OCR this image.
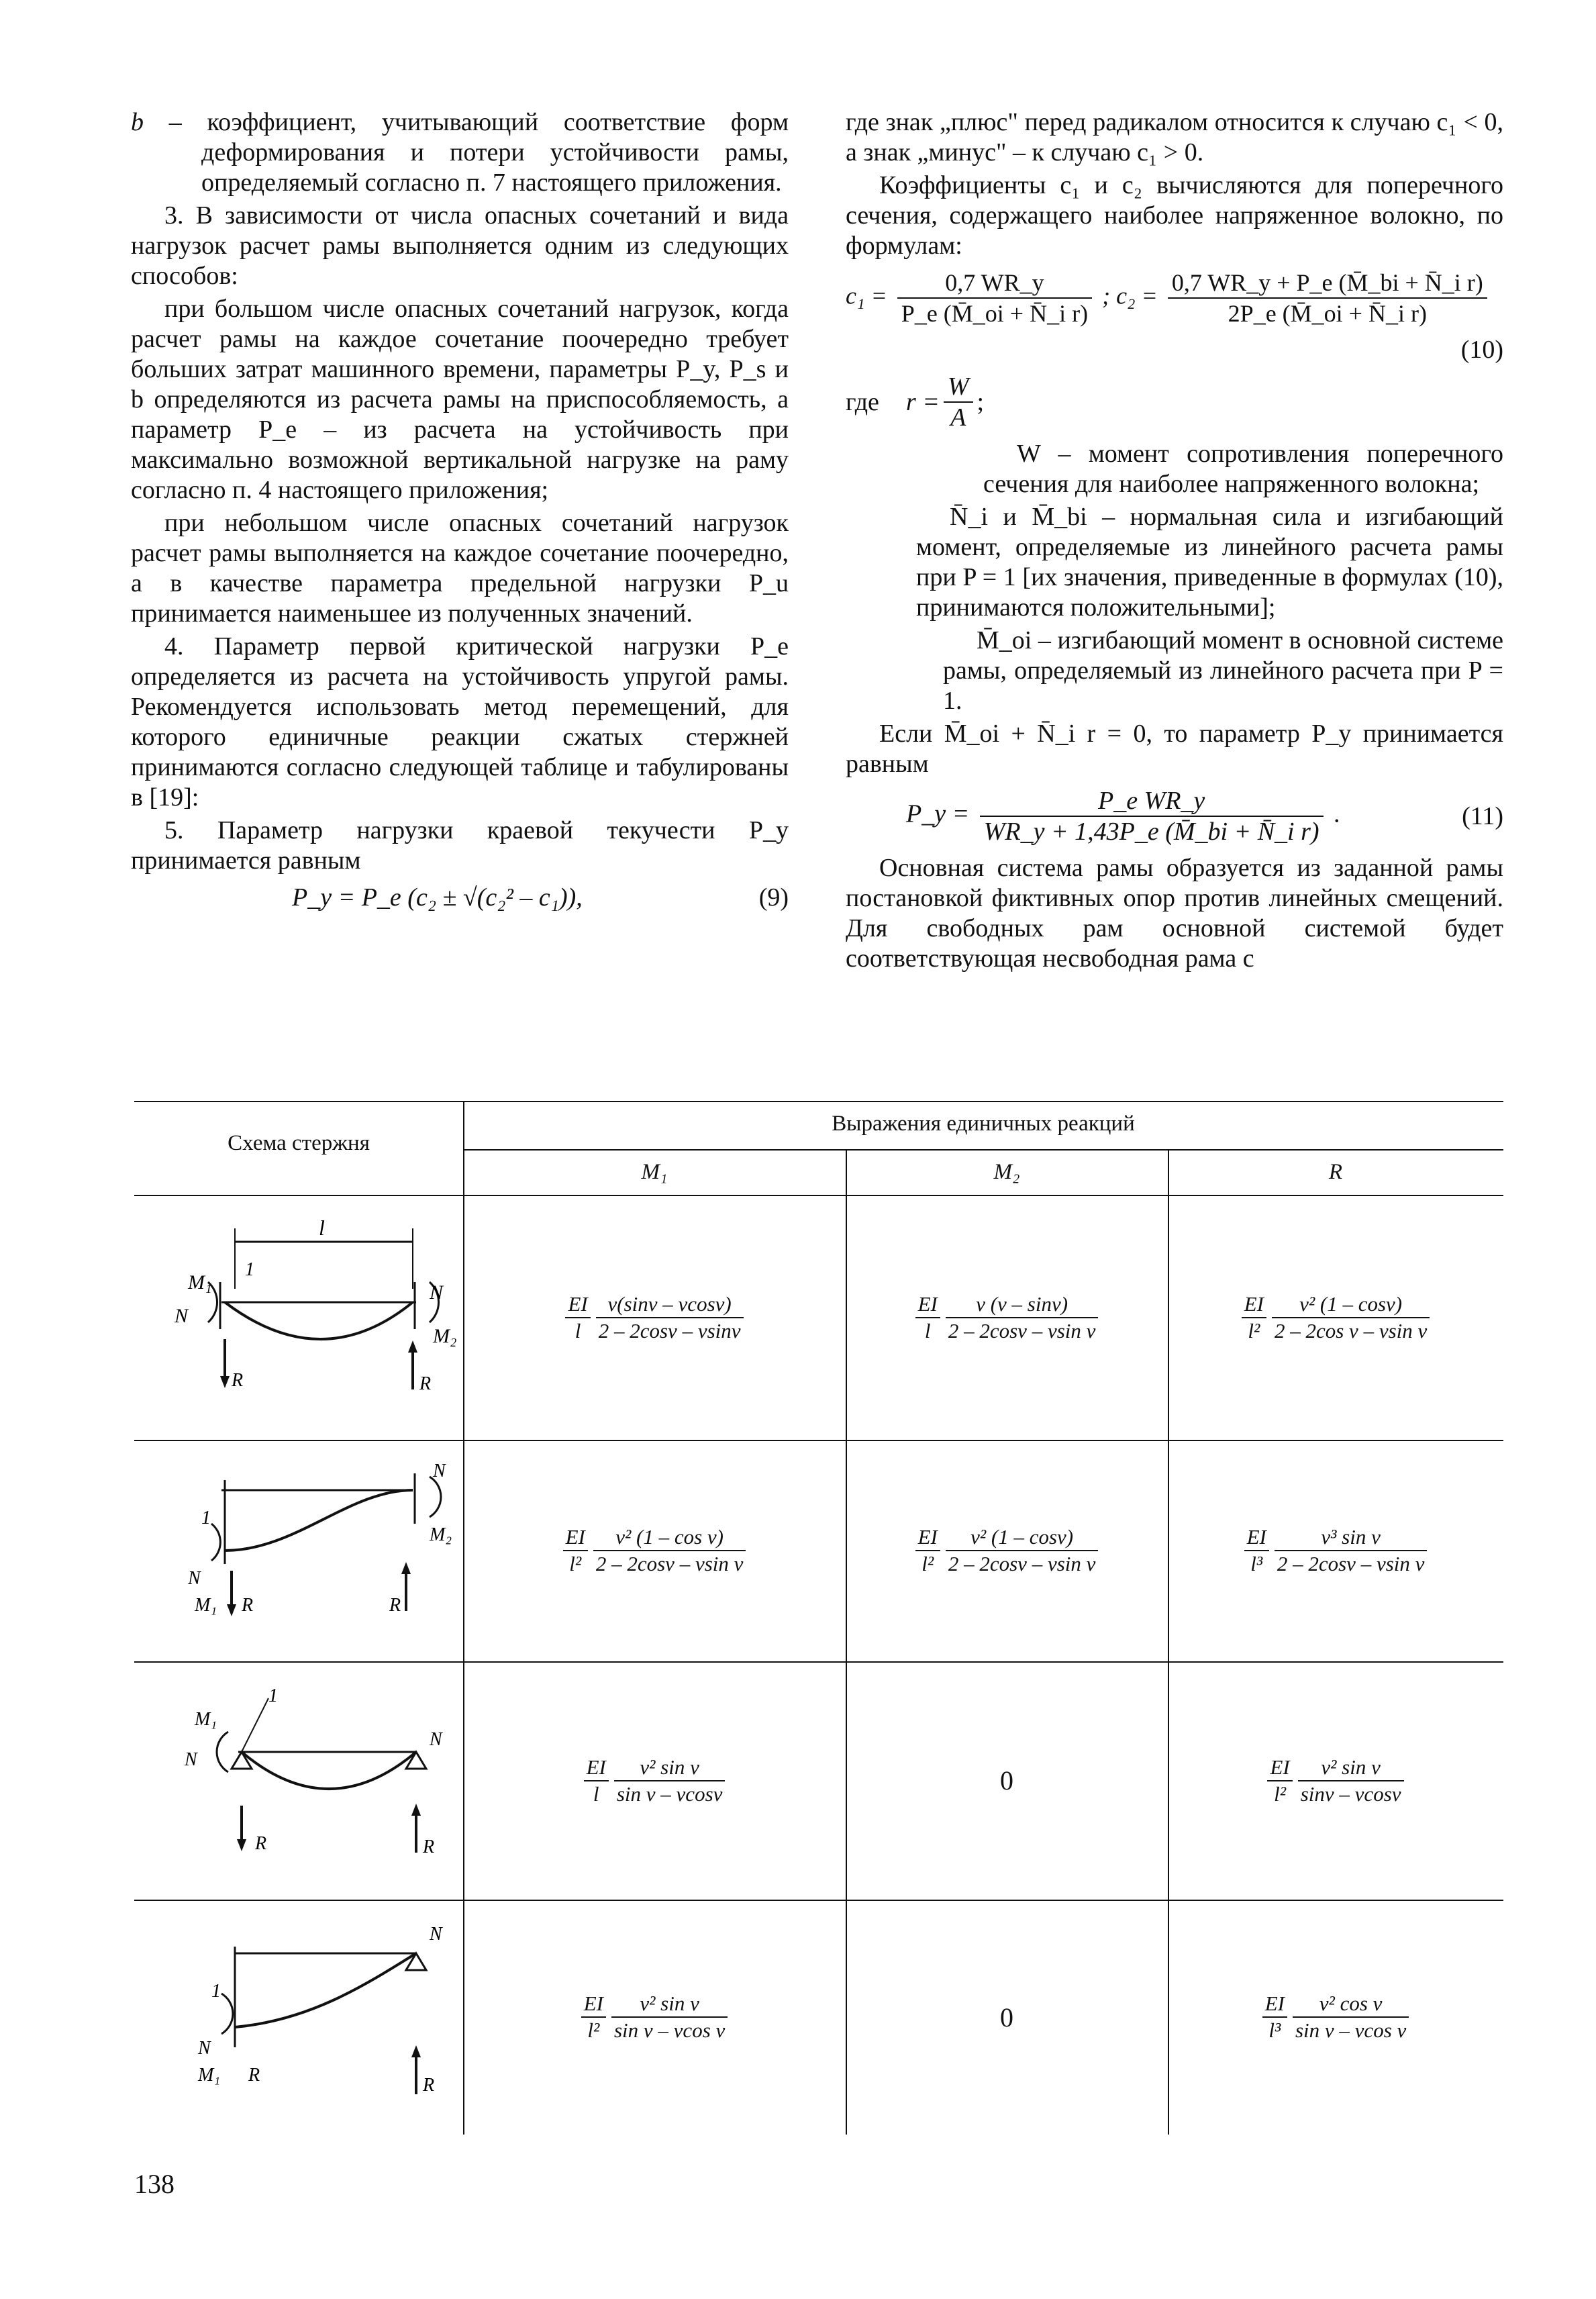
b – коэффициент, учитывающий соответствие форм деформирования и потери устойчивости рамы, определяемый согласно п. 7 настоящего приложения.

3. В зависимости от числа опасных сочетаний и вида нагрузок расчет рамы выполняется одним из следующих способов:

при большом числе опасных сочетаний нагрузок, когда расчет рамы на каждое сочетание поочередно требует больших затрат машинного времени, параметры P_y, P_s и b определяются из расчета рамы на приспособляемость, а параметр P_e – из расчета на устойчивость при максимально возможной вертикальной нагрузке на раму согласно п. 4 настоящего приложения;

при небольшом числе опасных сочетаний нагрузок расчет рамы выполняется на каждое сочетание поочередно, а в качестве параметра предельной нагрузки P_u принимается наименьшее из полученных значений.

4. Параметр первой критической нагрузки P_e определяется из расчета на устойчивость упругой рамы. Рекомендуется использовать метод перемещений, для которого единичные реакции сжатых стержней принимаются согласно следующей таблице и табулированы в [19]:

5. Параметр нагрузки краевой текучести P_y принимается равным

P_y = P_e (c₂ ± √(c₂² – c₁)),	(9)

где знак „плюс" перед радикалом относится к случаю c₁ < 0, а знак „минус" – к случаю c₁ > 0.

Коэффициенты c₁ и c₂ вычисляются для поперечного сечения, содержащего наиболее напряженное волокно, по формулам:

$c_1 = \frac{0,7 WR\_y}{\text{P\_e (M̄\_oi + N̄\_i r)}}$ ; $c_2 = \frac{\text{0,7 WR\_y + P\_e (M̄\_bi + N̄\_i r)}}{\text{2P\_e (M̄\_oi + N̄\_i r)}}$
(10)
где $r = \frac{W}{A}$ ;

W – момент сопротивления поперечного сечения для наиболее напряженного волокна;

N̄_i и M̄_bi – нормальная сила и изгибающий момент, определяемые из линейного расчета рамы при P = 1 [их значения, приведенные в формулах (10), принимаются положительными];

M̄_oi – изгибающий момент в основной системе рамы, определяемый из линейного расчета при P = 1.

Если M̄_oi + N̄_i r = 0, то параметр P_y принимается равным

P_y = $\frac{\text{P\_e WR\_y}}{\text{WR\_y + 1,43P\_e (M̄\_bi + N̄\_i r)}}$ .	(11)

Основная система рамы образуется из заданной рамы постановкой фиктивных опор против линейных смещений. Для свободных рам основной системой будет соответствующая несвободная рама с

Схема стержня
Выражения единичных реакций
M₁	M₂	R
$\frac{EI}{l} \frac{\nu(\sin\nu - \nu\cos\nu)}{2 - 2\cos\nu - \nu\sin\nu}$	$\frac{EI}{l} \frac{\nu (\nu - \sin\nu)}{\text{2 – 2cosν – νsin ν}}$	$\frac{EI}{\text{l²}} \frac{\text{ν² (1 – cosν)}}{\text{2 – 2cos ν – νsin ν}}$
$\frac{EI}{\text{l²}} \frac{\text{ν² (1 – cos ν)}}{\text{2 – 2cosν – νsin ν}}$	$\frac{EI}{\text{l²}} \frac{\text{ν² (1 – cosν)}}{\text{2 – 2cosν – νsin ν}}$	$\frac{EI}{\text{l³}} \frac{\text{ν³ sin ν}}{\text{2 – 2cosν – νsin ν}}$
$\frac{EI}{l} \frac{\text{ν² sin ν}}{\text{sin ν – νcosν}}$	0	$\frac{EI}{\text{l²}} \frac{\text{ν² sin ν}}{\sin\nu - \nu\cos\nu}$
$\frac{EI}{\text{l²}} \frac{\text{ν² sin ν}}{\text{sin ν – νcos ν}}$	0	$\frac{EI}{\text{l³}} \frac{\text{ν² cos ν}}{\text{sin ν – νcos ν}}$
l
M₁
M₂
N
N
1
R	R
1
N
N
M₁
M₂
R	R
M₁
1
N
N
R	R
1
N
N
M₁ R	R
138
